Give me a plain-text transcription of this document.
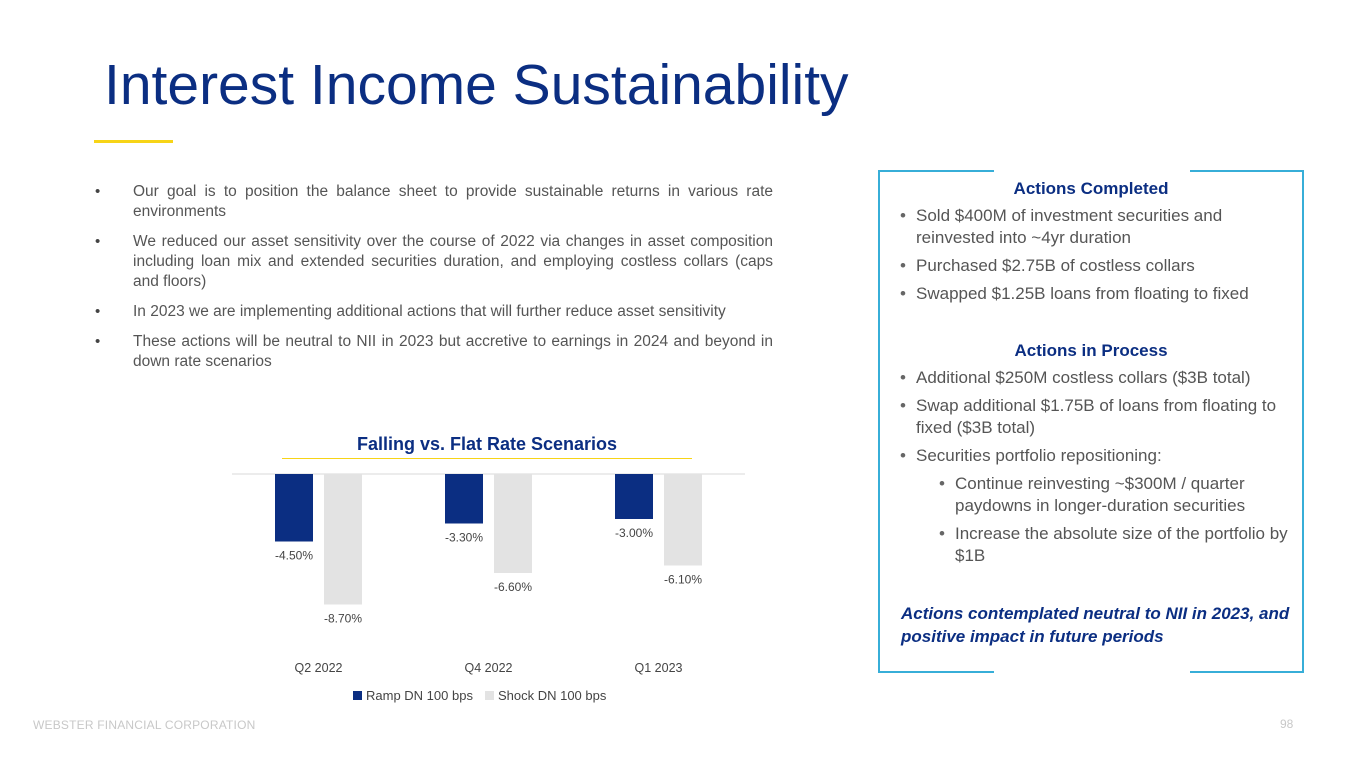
Interest Income Sustainability
• Our goal is to position the balance sheet to provide sustainable returns in various rate environments
• We reduced our asset sensitivity over the course of 2022 via changes in asset composition including loan mix and extended securities duration, and employing costless collars (caps and floors)
• In 2023 we are implementing additional actions that will further reduce asset sensitivity
• These actions will be neutral to NII in 2023 but accretive to earnings in 2024 and beyond in down rate scenarios
Falling vs. Flat Rate Scenarios
-4.50%
-8.70%
Q2 2022
-3.30%
-6.60%
Q4 2022
-3.00%
-6.10%
Q1 2023
Ramp DN 100 bps Shock DN 100 bps
Actions Completed
• Sold $400M of investment securities and reinvested into ~4yr duration
• Purchased $2.75B of costless collars
• Swapped $1.25B loans from floating to fixed
Actions in Process
• Additional $250M costless collars ($3B total)
• Swap additional $1.75B of loans from floating to fixed ($3B total)
• Securities portfolio repositioning:
• Continue reinvesting ~$300M / quarter paydowns in longer-duration securities
• Increase the absolute size of the portfolio by $1B

Actions contemplated neutral to NII in 2023, and positive impact in future periods

WEBSTER FINANCIAL CORPORATION	98
